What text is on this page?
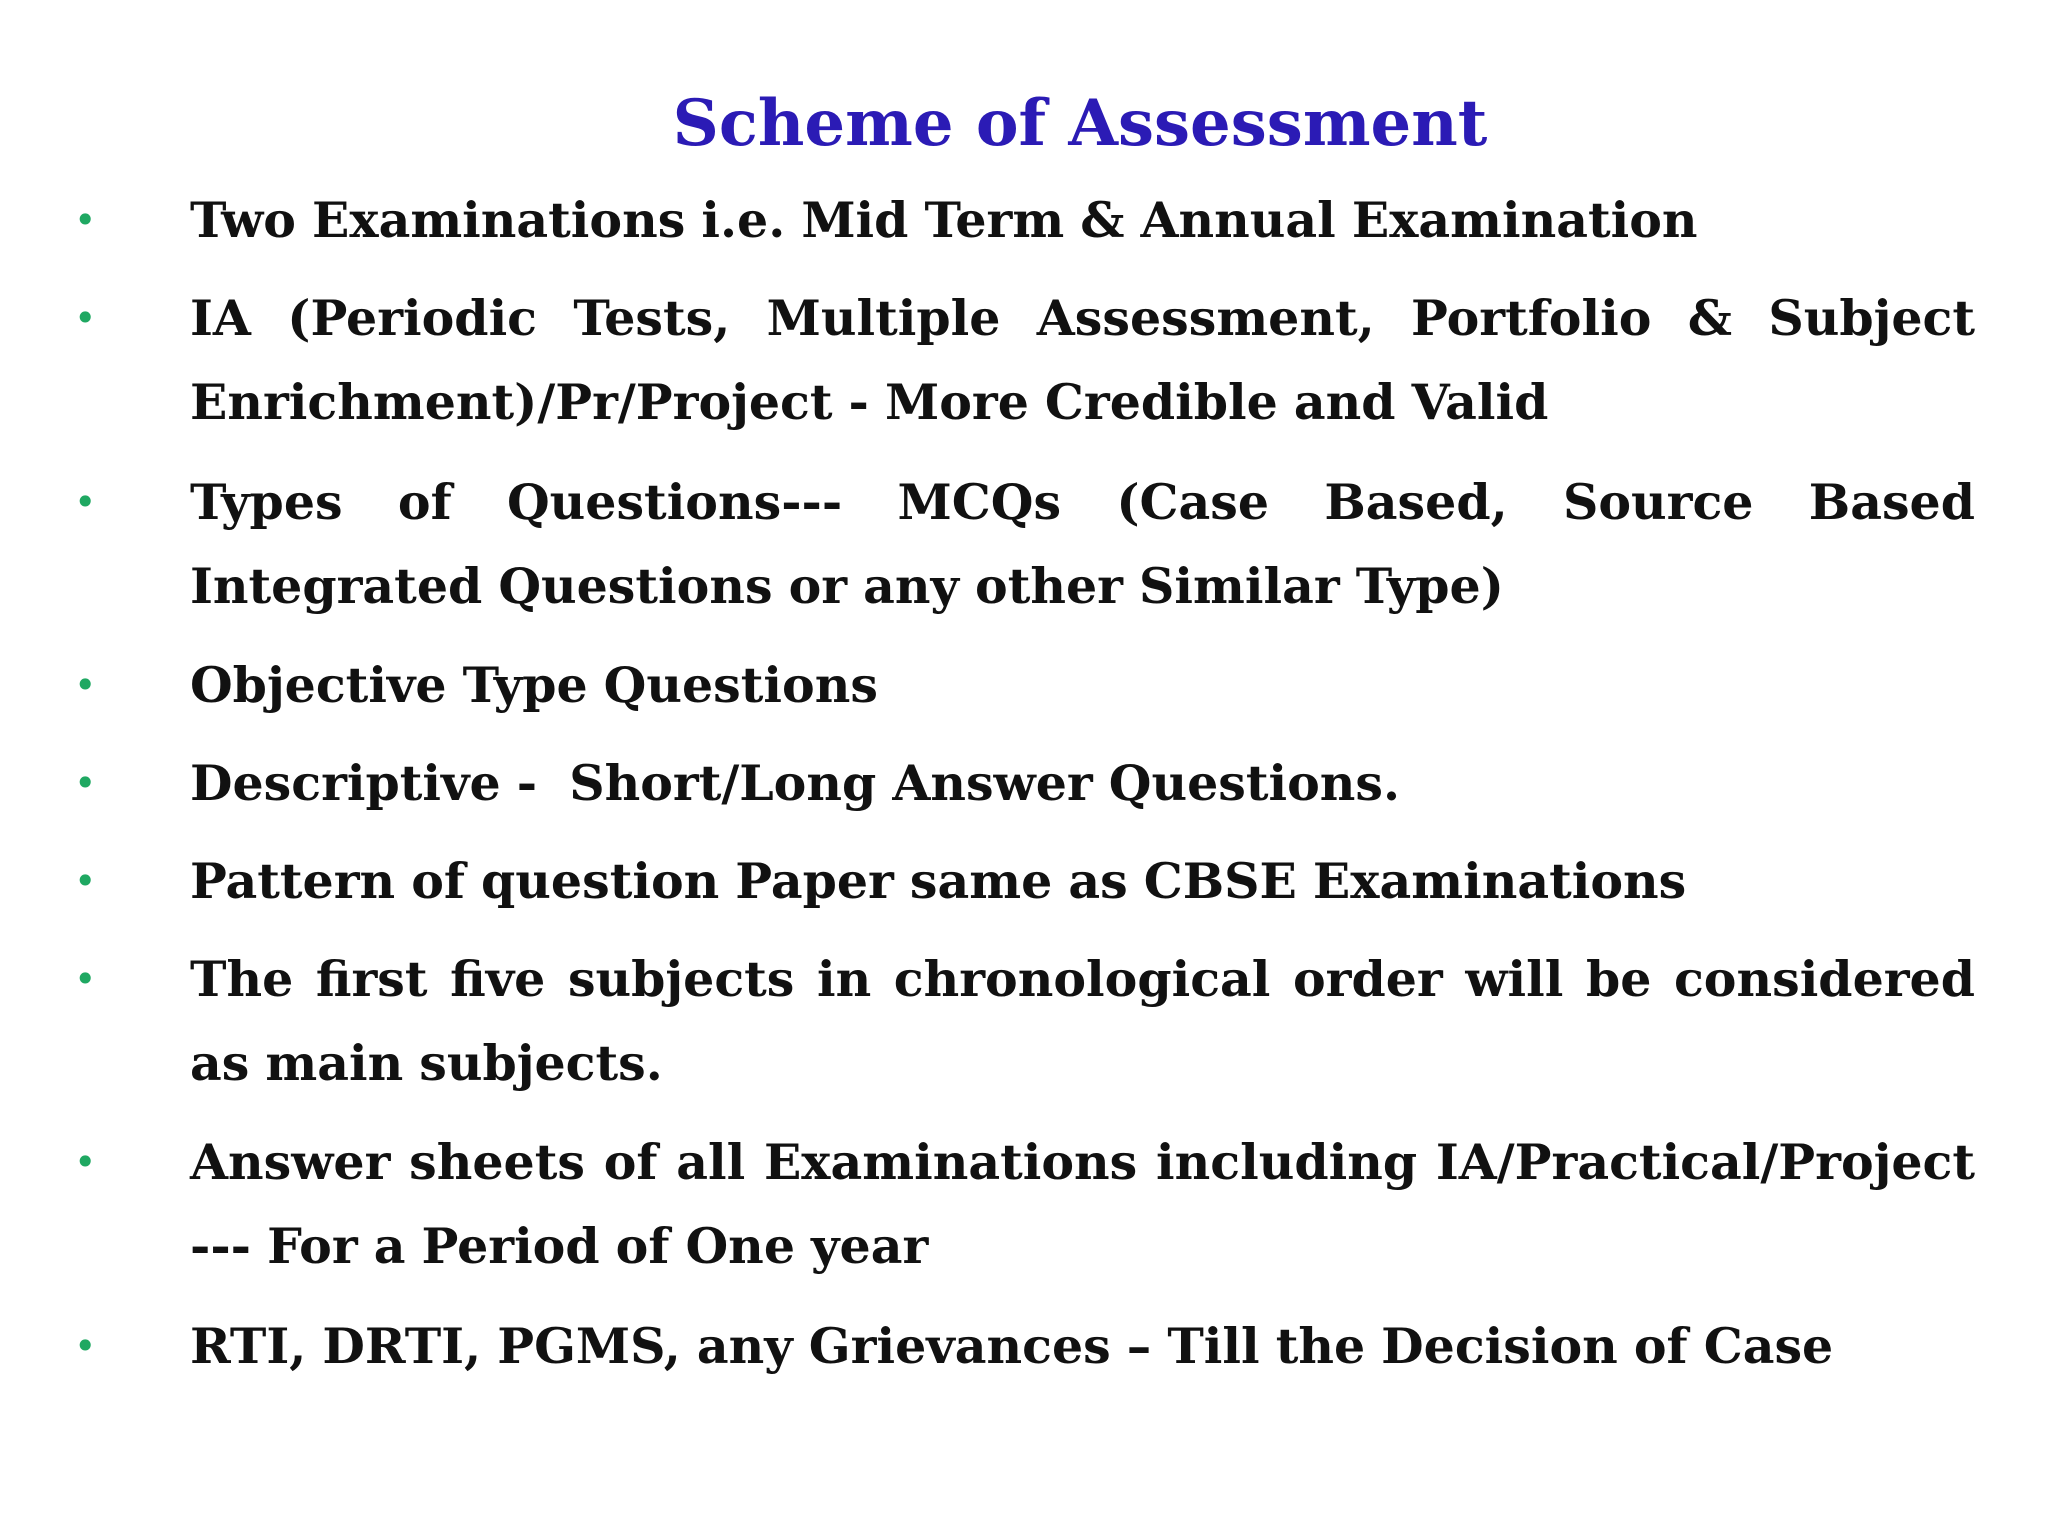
Scheme of Assessment
•	Two Examinations i.e. Mid Term & Annual Examination
•	IA (Periodic Tests, Multiple Assessment, Portfolio & Subject Enrichment)/Pr/Project - More Credible and Valid
•	Types of Questions--- MCQs (Case Based, Source Based Integrated Questions or any other Similar Type)
•	Objective Type Questions
•	Descriptive -  Short/Long Answer Questions.
•	Pattern of question Paper same as CBSE Examinations
•	The first five subjects in chronological order will be considered as main subjects.
•	Answer sheets of all Examinations including IA/Practical/Project --- For a Period of One year
•	RTI, DRTI, PGMS, any Grievances – Till the Decision of Case
